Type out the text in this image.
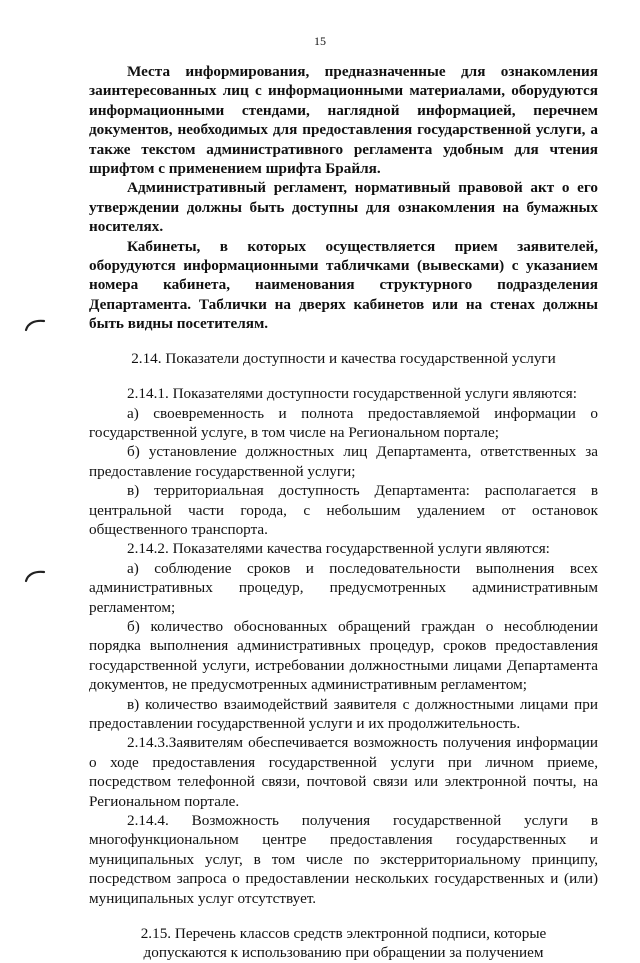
15

Места информирования, предназначенные для ознакомления заинтересованных лиц с информационными материалами, оборудуются информационными стендами, наглядной информацией, перечнем документов, необходимых для предоставления государственной услуги, а также текстом административного регламента удобным для чтения шрифтом с применением шрифта Брайля.

Административный регламент, нормативный правовой акт о его утверждении должны быть доступны для ознакомления на бумажных носителях.

Кабинеты, в которых осуществляется прием заявителей, оборудуются информационными табличками (вывесками) с указанием номера кабинета, наименования структурного подразделения Департамента. Таблички на дверях кабинетов или на стенах должны быть видны посетителям.

2.14. Показатели доступности и качества государственной услуги

2.14.1. Показателями доступности государственной услуги являются:

а) своевременность и полнота предоставляемой информации о государственной услуге, в том числе на Региональном портале;

б) установление должностных лиц Департамента, ответственных за предоставление государственной услуги;

в) территориальная доступность Департамента: располагается в центральной части города, с небольшим удалением от остановок общественного транспорта.

2.14.2. Показателями качества государственной услуги являются:

а) соблюдение сроков и последовательности выполнения всех административных процедур, предусмотренных административным регламентом;

б) количество обоснованных обращений граждан о несоблюдении порядка выполнения административных процедур, сроков предоставления государственной услуги, истребовании должностными лицами Департамента документов, не предусмотренных административным регламентом;

в) количество взаимодействий заявителя с должностными лицами при предоставлении государственной услуги и их продолжительность.

2.14.3.Заявителям обеспечивается возможность получения информации о ходе предоставления государственной услуги при личном приеме, посредством телефонной связи, почтовой связи или электронной почты, на Региональном портале.

2.14.4. Возможность получения государственной услуги в многофункциональном центре предоставления государственных и муниципальных услуг, в том числе по экстерриториальному принципу, посредством запроса о предоставлении нескольких государственных и (или) муниципальных услуг отсутствует.

2.15. Перечень классов средств электронной подписи, которые

допускаются к использованию при обращении за получением
